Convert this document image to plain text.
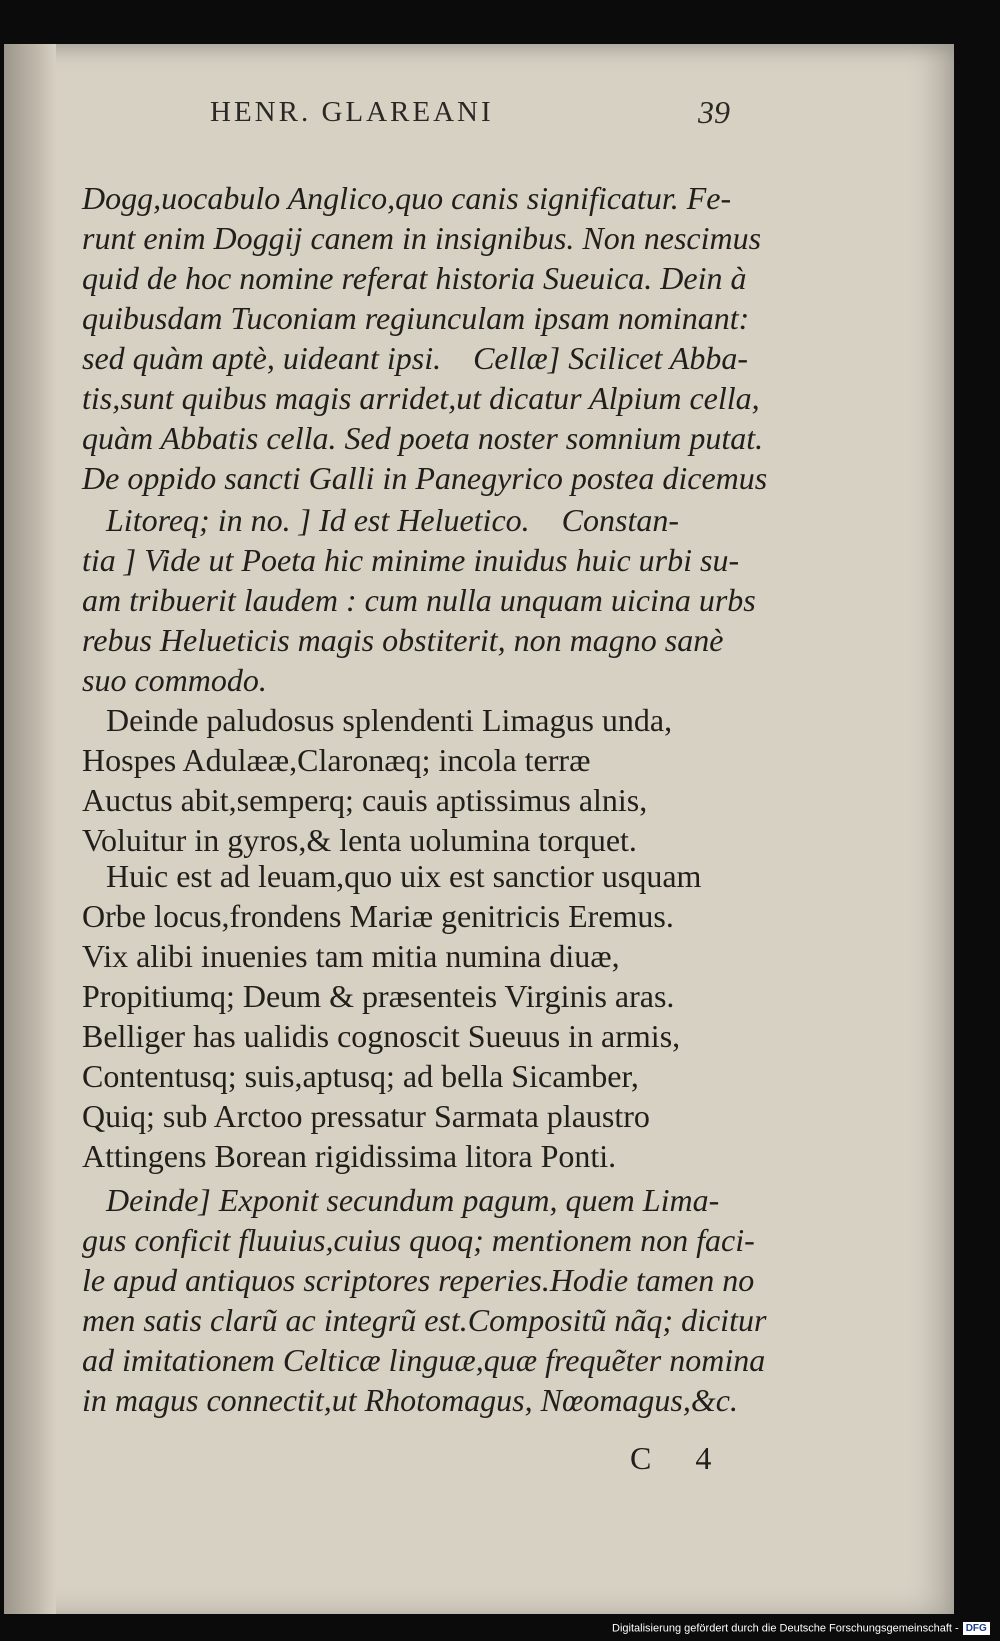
HENR. GLAREANI	39
Dogg,uocabulo Anglico,quo canis significatur. Fe-
runt enim Doggij canem in insignibus. Non nescimus
quid de hoc nomine referat historia Sueuica. Dein à
quibusdam Tuconiam regiunculam ipsam nominant:
sed quàm aptè, uideant ipsi.    Cellæ] Scilicet Abba-
tis,sunt quibus magis arridet,ut dicatur Alpium cella,
quàm Abbatis cella. Sed poeta noster somnium putat.
De oppido sancti Galli in Panegyrico postea dicemus
Litoreq; in no. ] Id est Heluetico.    Constan-
tia ] Vide ut Poeta hic minime inuidus huic urbi su-
am tribuerit laudem : cum nulla unquam uicina urbs
rebus Helueticis magis obstiterit, non magno sanè
suo commodo.
Deinde paludosus splendenti Limagus unda,
Hospes Adulææ,Claronæq; incola terræ
Auctus abit,semperq; cauis aptissimus alnis,
Voluitur in gyros,& lenta uolumina torquet.
Huic est ad leuam,quo uix est sanctior usquam
Orbe locus,frondens Mariæ genitricis Eremus.
Vix alibi inuenies tam mitia numina diuæ,
Propitiumq; Deum & præsenteis Virginis aras.
Belliger has ualidis cognoscit Sueuus in armis,
Contentusq; suis,aptusq; ad bella Sicamber,
Quiq; sub Arctoo pressatur Sarmata plaustro
Attingens Borean rigidissima litora Ponti.
Deinde] Exponit secundum pagum, quem Lima-
gus conficit fluuius,cuius quoq; mentionem non faci-
le apud antiquos scriptores reperies.Hodie tamen no
men satis clarũ ac integrũ est.Compositũ nãq; dicitur
ad imitationem Celticæ linguæ,quæ frequẽter nomina
in magus connectit,ut Rhotomagus, Nœomagus,&c.
C 4
Digitalisierung gefördert durch die Deutsche Forschungsgemeinschaft - DFG
